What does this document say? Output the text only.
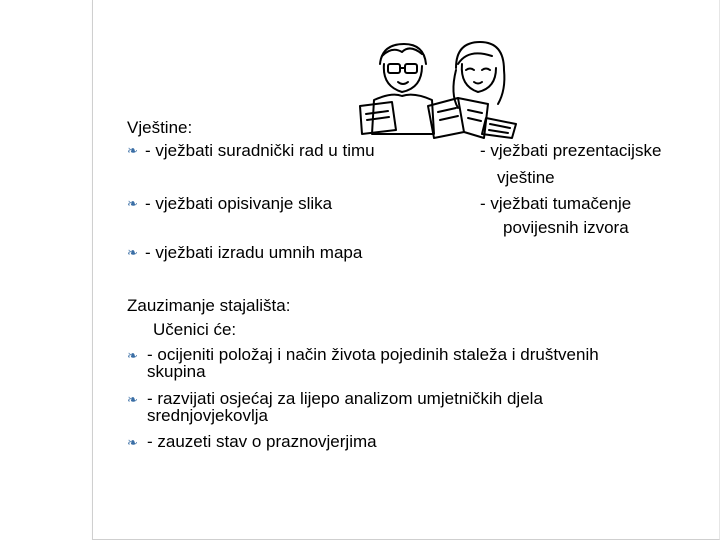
Vještine:
❧ - vježbati suradnički rad u timu
❧ - vježbati opisivanje slika
❧ - vježbati izradu umnih mapa
- vježbati prezentacijske
vještine
- vježbati tumačenje
povijesnih izvora
Zauzimanje stajališta:
Učenici će:
❧ - ocijeniti položaj i način života pojedinih staleža i društvenih
skupina
❧ - razvijati osjećaj za lijepo analizom umjetničkih djela
srednjovjekovlja
❧ - zauzeti stav o praznovjerjima
